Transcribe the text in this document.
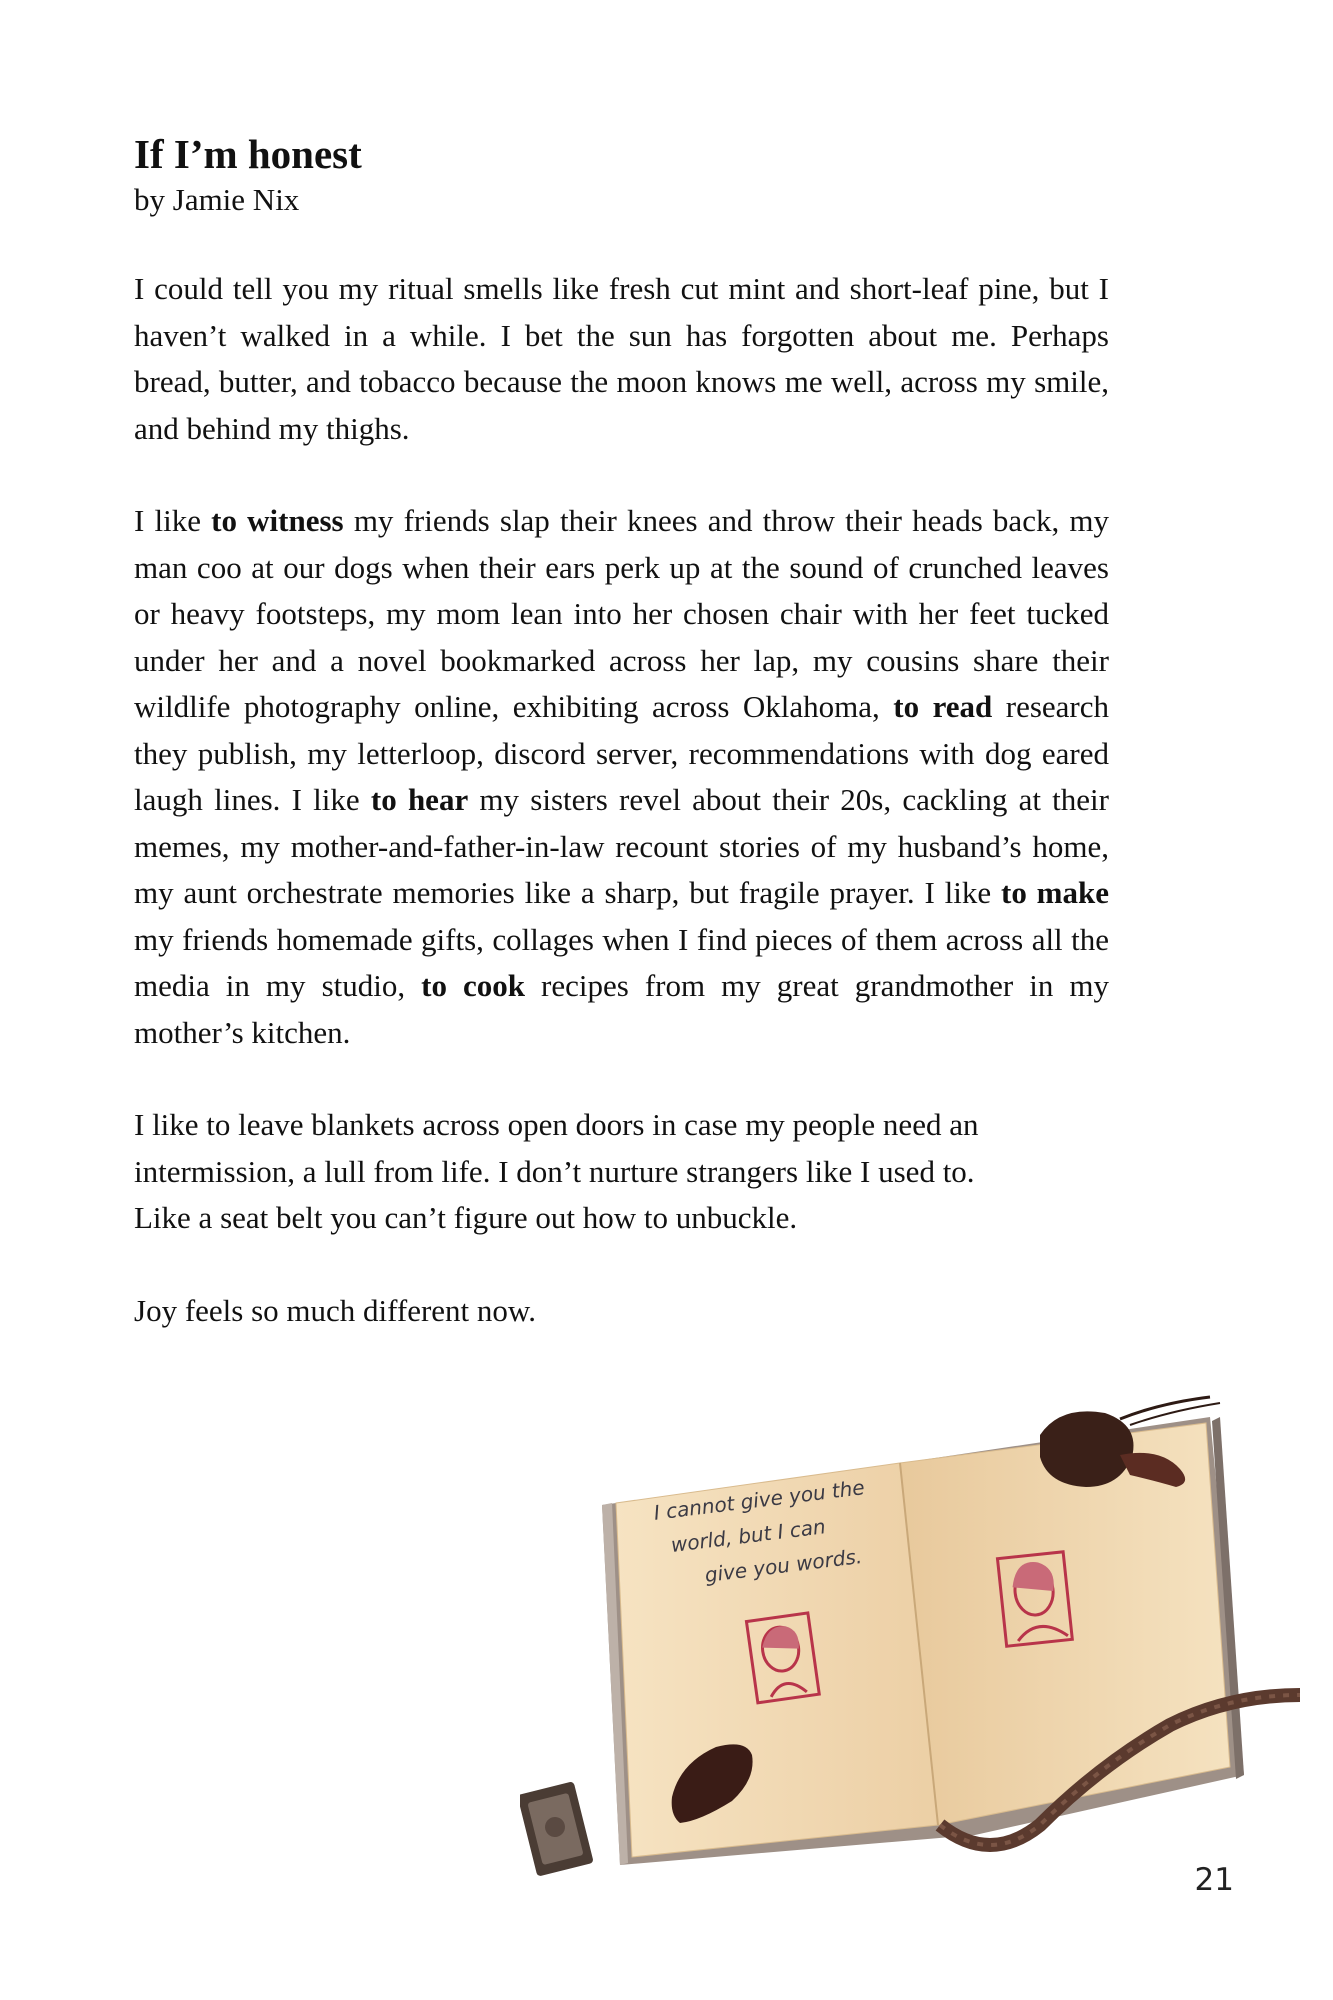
If I’m honest

by Jamie Nix

I could tell you my ritual smells like fresh cut mint and short-leaf pine, but I haven’t walked in a while. I bet the sun has forgotten about me. Perhaps bread, butter, and tobacco because the moon knows me well, across my smile, and behind my thighs.

I like to witness my friends slap their knees and throw their heads back, my man coo at our dogs when their ears perk up at the sound of crunched leaves or heavy footsteps, my mom lean into her chosen chair with her feet tucked under her and a novel bookmarked across her lap, my cousins share their wildlife photography online, exhibiting across Oklahoma, to read research they publish, my letterloop, discord server, recommendations with dog eared laugh lines. I like to hear my sisters revel about their 20s, cackling at their memes, my mother-and-father-in-law recount stories of my husband’s home, my aunt orchestrate memories like a sharp, but fragile prayer. I like to make my friends homemade gifts, collages when I find pieces of them across all the media in my studio, to cook recipes from my great grandmother in my mother’s kitchen.

I like to leave blankets across open doors in case my people need an
intermission, a lull from life. I don’t nurture strangers like I used to.
Like a seat belt you can’t figure out how to unbuckle.

Joy feels so much different now.

I cannot give you the
world, but I can
give you words.
21
